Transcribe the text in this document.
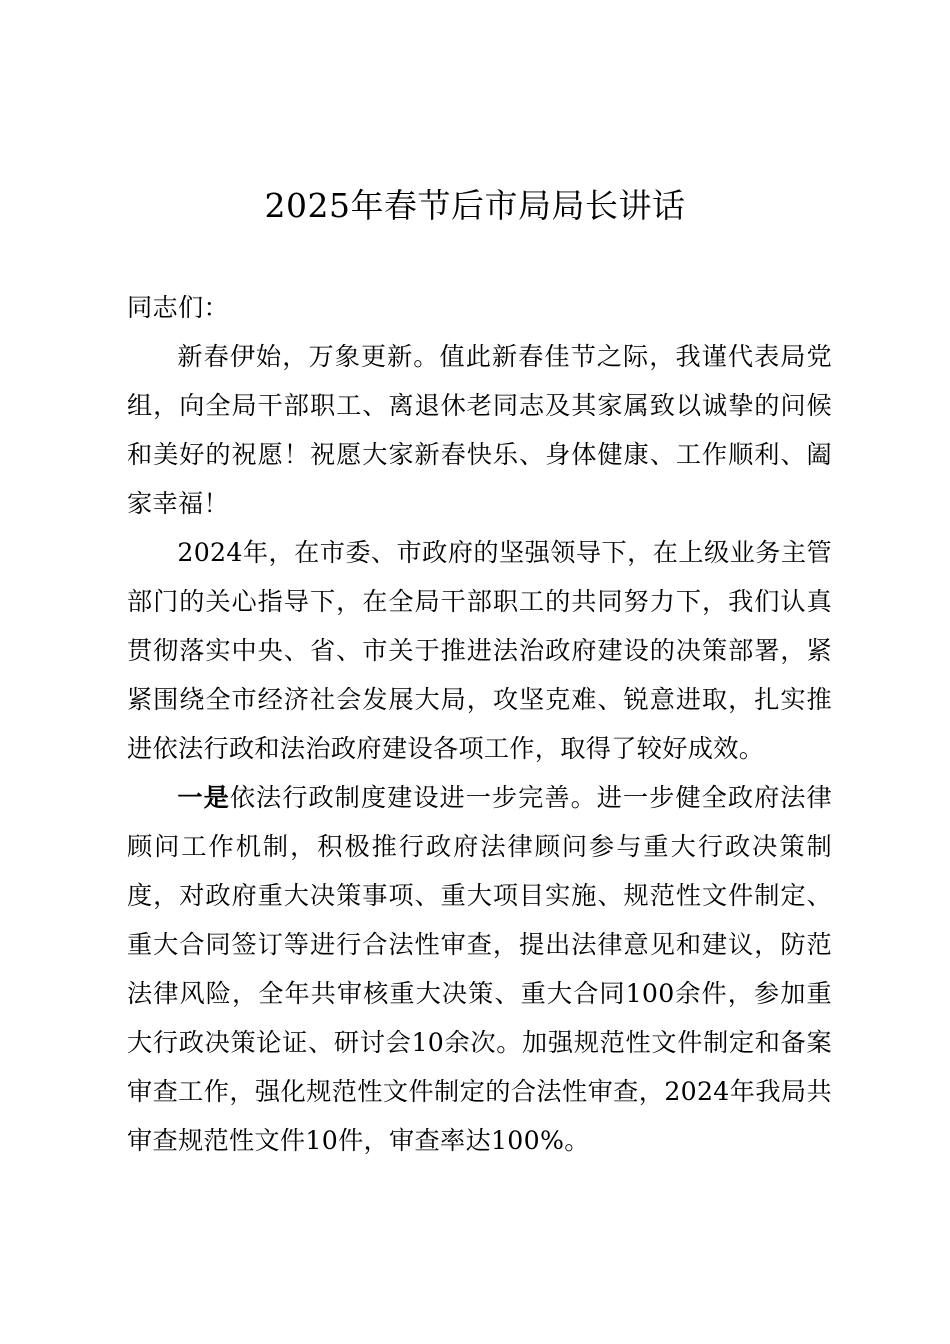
2025年春节后市局局长讲话

同志们：

新春伊始，万象更新。值此新春佳节之际，我谨代表局党组，向全局干部职工、离退休老同志及其家属致以诚挚的问候和美好的祝愿！祝愿大家新春快乐、身体健康、工作顺利、阖家幸福！

2024年，在市委、市政府的坚强领导下，在上级业务主管部门的关心指导下，在全局干部职工的共同努力下，我们认真贯彻落实中央、省、市关于推进法治政府建设的决策部署，紧紧围绕全市经济社会发展大局，攻坚克难、锐意进取，扎实推进依法行政和法治政府建设各项工作，取得了较好成效。

一是依法行政制度建设进一步完善。进一步健全政府法律顾问工作机制，积极推行政府法律顾问参与重大行政决策制度，对政府重大决策事项、重大项目实施、规范性文件制定、重大合同签订等进行合法性审查，提出法律意见和建议，防范法律风险，全年共审核重大决策、重大合同100余件，参加重大行政决策论证、研讨会10余次。加强规范性文件制定和备案审查工作，强化规范性文件制定的合法性审查，2024年我局共审查规范性文件10件，审查率达100%。
